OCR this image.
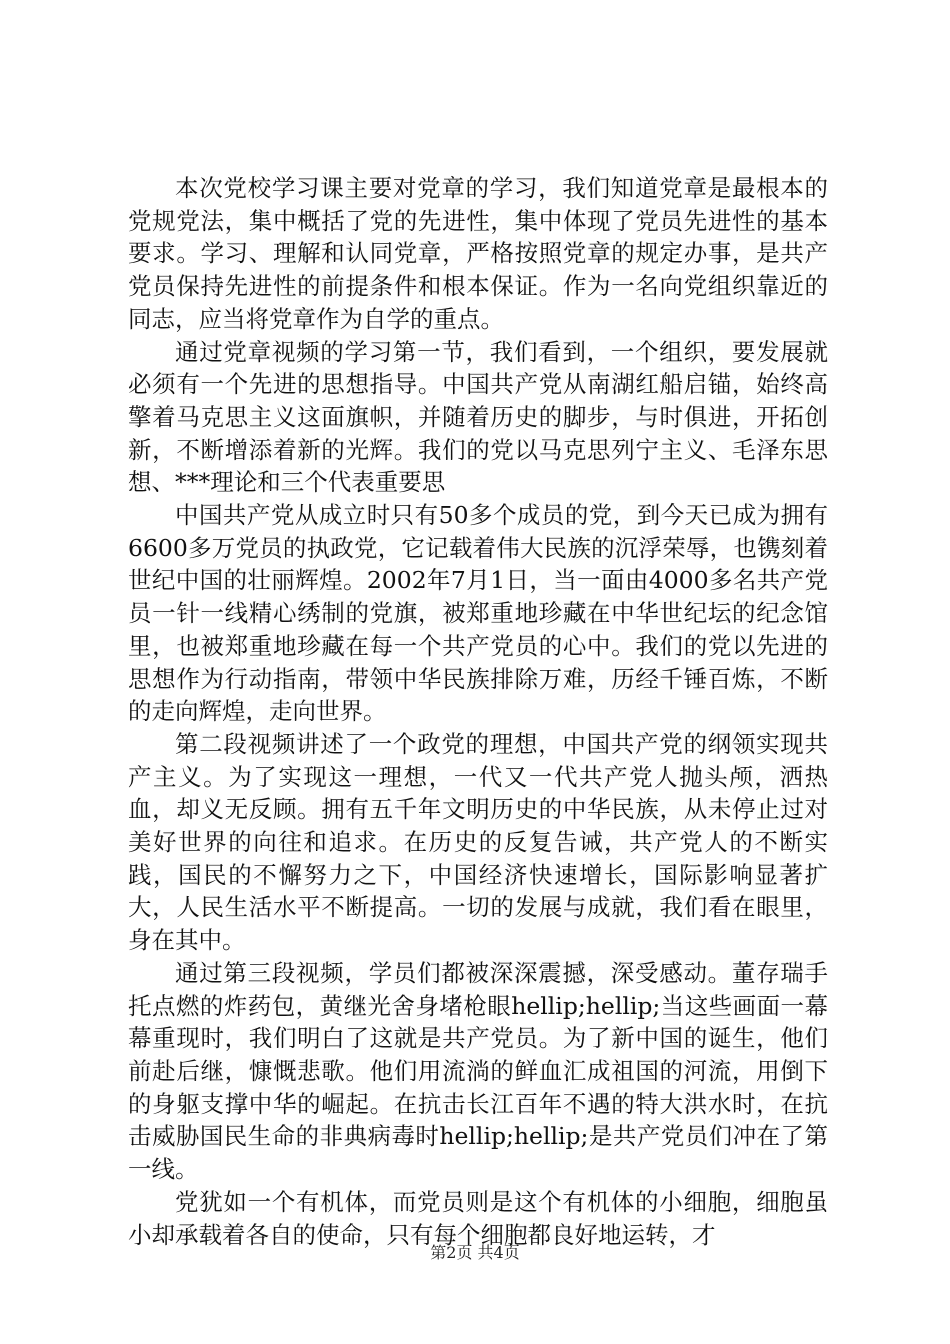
本次党校学习课主要对党章的学习，我们知道党章是最根本的党规党法，集中概括了党的先进性，集中体现了党员先进性的基本要求。学习、理解和认同党章，严格按照党章的规定办事，是共产党员保持先进性的前提条件和根本保证。作为一名向党组织靠近的同志，应当将党章作为自学的重点。

通过党章视频的学习第一节，我们看到，一个组织，要发展就必须有一个先进的思想指导。中国共产党从南湖红船启锚，始终高擎着马克思主义这面旗帜，并随着历史的脚步，与时俱进，开拓创新，不断增添着新的光辉。我们的党以马克思列宁主义、毛泽东思想、***理论和三个代表重要思

中国共产党从成立时只有50多个成员的党，到今天已成为拥有6600多万党员的执政党，它记载着伟大民族的沉浮荣辱，也镌刻着世纪中国的壮丽辉煌。2002年7月1日，当一面由4000多名共产党员一针一线精心绣制的党旗，被郑重地珍藏在中华世纪坛的纪念馆里，也被郑重地珍藏在每一个共产党员的心中。我们的党以先进的思想作为行动指南，带领中华民族排除万难，历经千锤百炼，不断的走向辉煌，走向世界。

第二段视频讲述了一个政党的理想，中国共产党的纲领实现共产主义。为了实现这一理想，一代又一代共产党人抛头颅，洒热血，却义无反顾。拥有五千年文明历史的中华民族，从未停止过对美好世界的向往和追求。在历史的反复告诫，共产党人的不断实践，国民的不懈努力之下，中国经济快速增长，国际影响显著扩大，人民生活水平不断提高。一切的发展与成就，我们看在眼里，身在其中。

通过第三段视频，学员们都被深深震撼，深受感动。董存瑞手托点燃的炸药包，黄继光舍身堵枪眼hellip;hellip;当这些画面一幕幕重现时，我们明白了这就是共产党员。为了新中国的诞生，他们前赴后继，慷慨悲歌。他们用流淌的鲜血汇成祖国的河流，用倒下的身躯支撑中华的崛起。在抗击长江百年不遇的特大洪水时，在抗击威胁国民生命的非典病毒时hellip;hellip;是共产党员们冲在了第一线。

党犹如一个有机体，而党员则是这个有机体的小细胞，细胞虽小却承载着各自的使命，只有每个细胞都良好地运转，才

第2页 共4页
